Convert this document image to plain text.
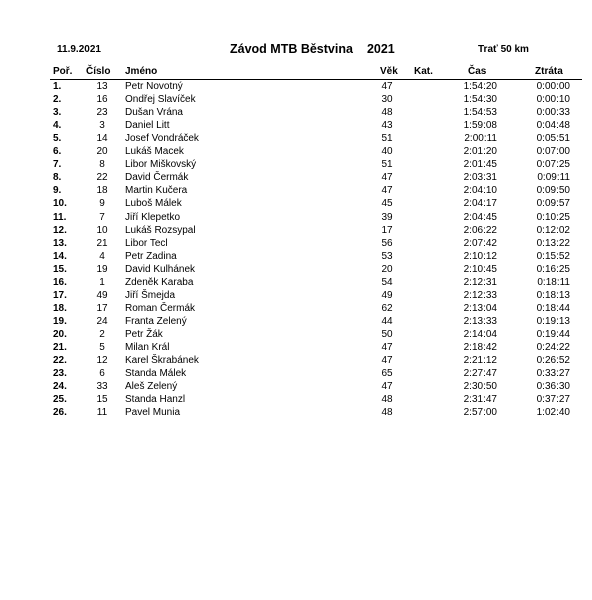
11.9.2021	Závod MTB Běstvina 2021	Trať 50 km
Poř. Číslo Jméno	Věk Kat.	Čas	Ztráta
1.	13	Petr Novotný	47	1:54:20	0:00:00
2.	16	Ondřej Slavíček	30	1:54:30	0:00:10
3.	23	Dušan Vrána	48	1:54:53	0:00:33
4.	3	Daniel Litt	43	1:59:08	0:04:48
5.	14	Josef Vondráček	51	2:00:11	0:05:51
6.	20	Lukáš Macek	40	2:01:20	0:07:00
7.	8	Libor Miškovský	51	2:01:45	0:07:25
8.	22	David Čermák	47	2:03:31	0:09:11
9.	18	Martin Kučera	47	2:04:10	0:09:50
10.	9	Luboš Málek	45	2:04:17	0:09:57
11.	7	Jiří Klepetko	39	2:04:45	0:10:25
12.	10	Lukáš Rozsypal	17	2:06:22	0:12:02
13.	21	Libor Tecl	56	2:07:42	0:13:22
14.	4	Petr Zadina	53	2:10:12	0:15:52
15.	19	David Kulhánek	20	2:10:45	0:16:25
16.	1	Zdeněk Karaba	54	2:12:31	0:18:11
17.	49	Jiří Šmejda	49	2:12:33	0:18:13
18.	17	Roman Čermák	62	2:13:04	0:18:44
19.	24	Franta Zelený	44	2:13:33	0:19:13
20.	2	Petr Žák	50	2:14:04	0:19:44
21.	5	Milan Král	47	2:18:42	0:24:22
22.	12	Karel Škrabánek	47	2:21:12	0:26:52
23.	6	Standa Málek	65	2:27:47	0:33:27
24.	33	Aleš Zelený	47	2:30:50	0:36:30
25.	15	Standa Hanzl	48	2:31:47	0:37:27
26.	11	Pavel Munia	48	2:57:00	1:02:40
